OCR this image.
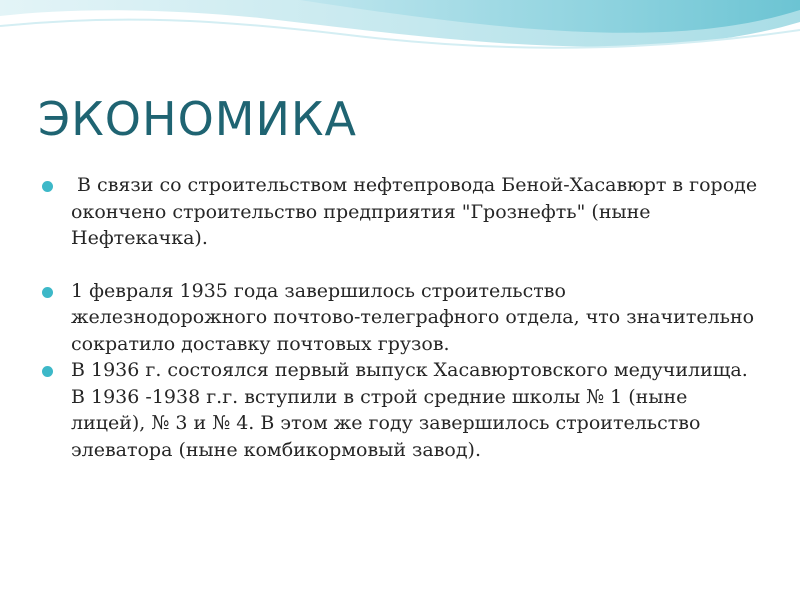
ЭКОНОМИКА
В связи со строительством нефтепровода Беной-Хасавюрт в городе окончено строительство предприятия "Грознефть" (ныне Нефтекачка).
1 февраля 1935 года завершилось строительство железнодорожного почтово-телеграфного отдела, что значительно сократило доставку почтовых грузов.
В 1936 г. состоялся первый выпуск Хасавюртовского медучилища. В 1936 -1938 г.г. вступили в строй средние школы № 1 (ныне лицей), № 3 и № 4. В этом же году завершилось строительство элеватора (ныне комбикормовый завод).
